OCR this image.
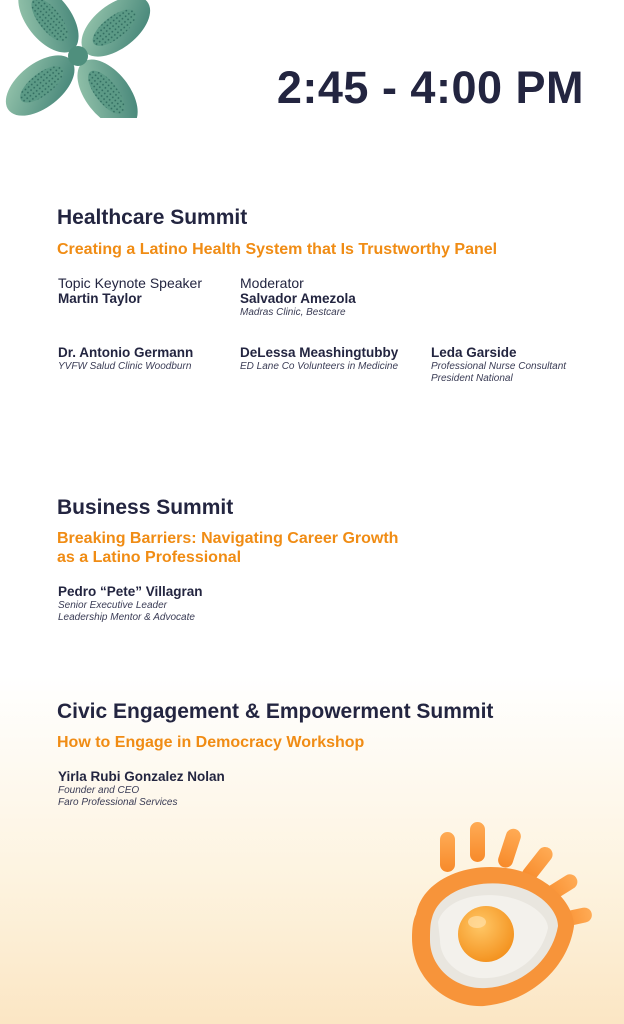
2:45 - 4:00 PM
Healthcare Summit
Creating a Latino Health System that Is Trustworthy Panel
Topic Keynote Speaker
Martin Taylor
Moderator
Salvador Amezola
Madras Clinic, Bestcare
Dr. Antonio Germann
YVFW Salud Clinic Woodburn
DeLessa Meashingtubby
ED Lane Co Volunteers in Medicine
Leda Garside
Professional Nurse Consultant
President National
Business Summit
Breaking Barriers: Navigating Career Growth
as a Latino Professional
Pedro “Pete” Villagran
Senior Executive Leader
Leadership Mentor & Advocate
Civic Engagement & Empowerment Summit
How to Engage in Democracy Workshop
Yirla Rubi Gonzalez Nolan
Founder and CEO
Faro Professional Services
